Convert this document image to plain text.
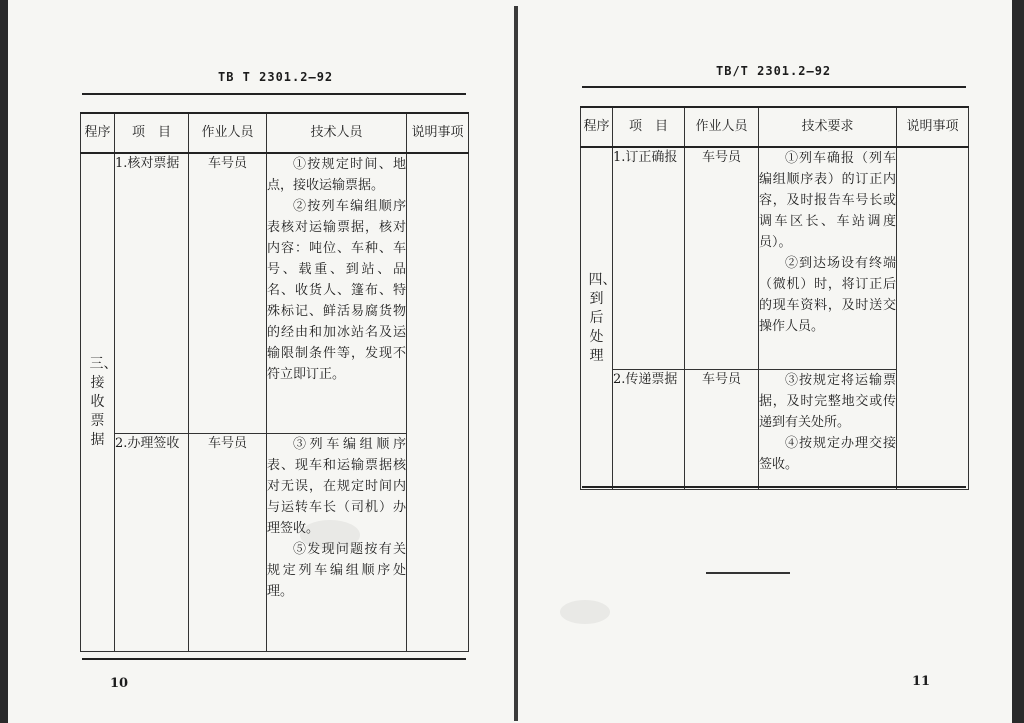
TB T 2301.2—92
程序	项　目	作业人员	技术人员	说明事项
三、接收票据	1.核对票据	车号员	①按规定时间、地点，接收运输票据。

②按列车编组顺序表核对运输票据，核对内容：吨位、车种、车号、载重、到站、品名、收货人、篷布、特殊标记、鲜活易腐货物的经由和加冰站名及运输限制条件等，发现不符立即订正。	

	2.办理签收	车号员	③列车编组顺序表、现车和运输票据核对无误，在规定时间内与运转车长（司机）办理签收。

⑤发现问题按有关规定列车编组顺序处理。	

10
TB/T 2301.2—92
程序	项　目	作业人员	技术要求	说明事项
四、到后处理	1.订正确报	车号员	①列车确报（列车编组顺序表）的订正内容，及时报告车号长或调车区长、车站调度员）。

②到达场设有终端（微机）时，将订正后的现车资料，及时送交操作人员。	

	2.传递票据	车号员	③按规定将运输票据，及时完整地交或传递到有关处所。

④按规定办理交接签收。	

11
